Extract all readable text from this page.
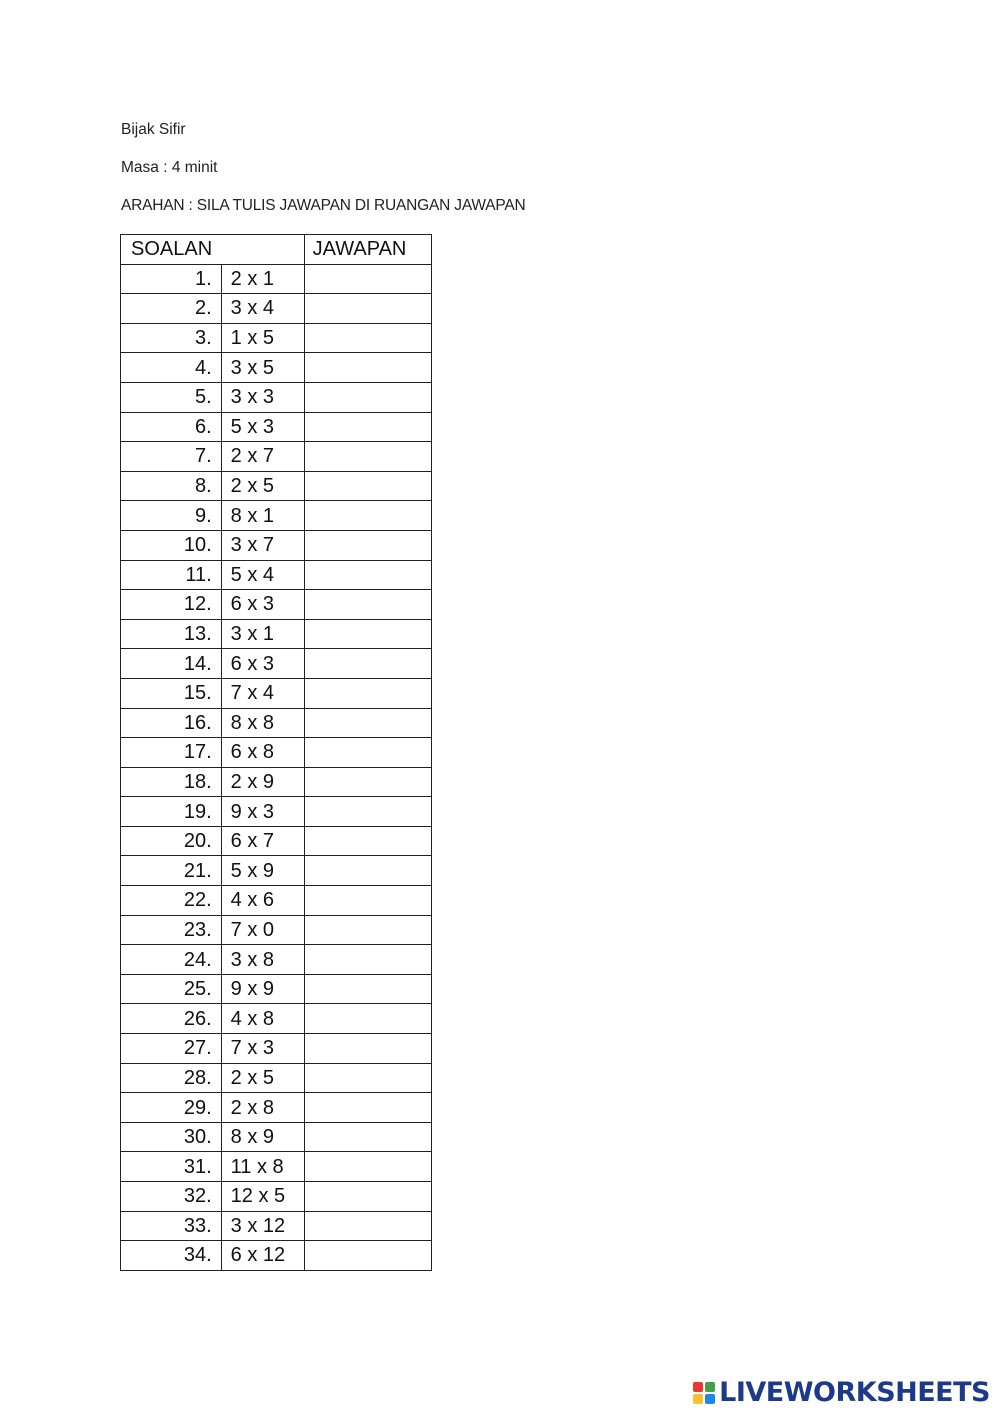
Bijak Sifir
Masa : 4 minit
ARAHAN : SILA TULIS JAWAPAN DI RUANGAN JAWAPAN
SOALAN		JAWAPAN
1.	2 x 1	
2.	3 x 4	
3.	1 x 5	
4.	3 x 5	
5.	3 x 3	
6.	5 x 3	
7.	2 x 7	
8.	2 x 5	
9.	8 x 1	
10.	3 x 7	
11.	5 x 4	
12.	6 x 3	
13.	3 x 1	
14.	6 x 3	
15.	7 x 4	
16.	8 x 8	
17.	6 x 8	
18.	2 x 9	
19.	9 x 3	
20.	6 x 7	
21.	5 x 9	
22.	4 x 6	
23.	7 x 0	
24.	3 x 8	
25.	9 x 9	
26.	4 x 8	
27.	7 x 3	
28.	2 x 5	
29.	2 x 8	
30.	8 x 9	
31.	11 x 8	
32.	12 x 5	
33.	3 x 12	
34.	6 x 12	
LIVEWORKSHEETS
